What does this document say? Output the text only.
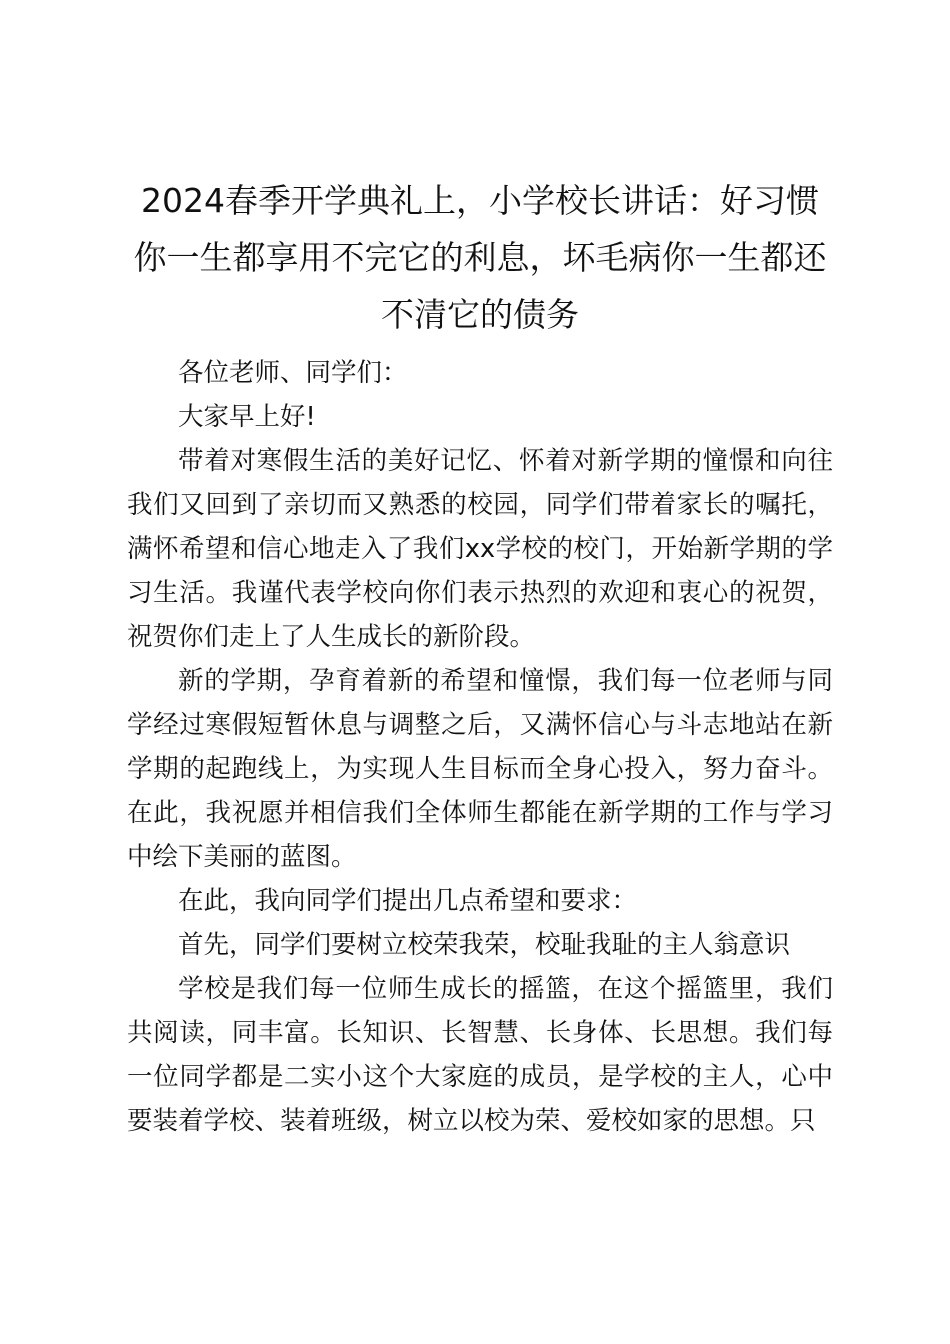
2024春季开学典礼上，小学校长讲话：好习惯你一生都享用不完它的利息，坏毛病你一生都还不清它的债务

各位老师、同学们：

大家早上好!

带着对寒假生活的美好记忆、怀着对新学期的憧憬和向往我们又回到了亲切而又熟悉的校园，同学们带着家长的嘱托，满怀希望和信心地走入了我们xx学校的校门，开始新学期的学习生活。我谨代表学校向你们表示热烈的欢迎和衷心的祝贺，祝贺你们走上了人生成长的新阶段。

新的学期，孕育着新的希望和憧憬，我们每一位老师与同学经过寒假短暂休息与调整之后，又满怀信心与斗志地站在新学期的起跑线上，为实现人生目标而全身心投入，努力奋斗。在此，我祝愿并相信我们全体师生都能在新学期的工作与学习中绘下美丽的蓝图。

在此，我向同学们提出几点希望和要求：

首先，同学们要树立校荣我荣，校耻我耻的主人翁意识

学校是我们每一位师生成长的摇篮，在这个摇篮里，我们共阅读，同丰富。长知识、长智慧、长身体、长思想。我们每一位同学都是二实小这个大家庭的成员，是学校的主人，心中要装着学校、装着班级，树立以校为荣、爱校如家的思想。只
